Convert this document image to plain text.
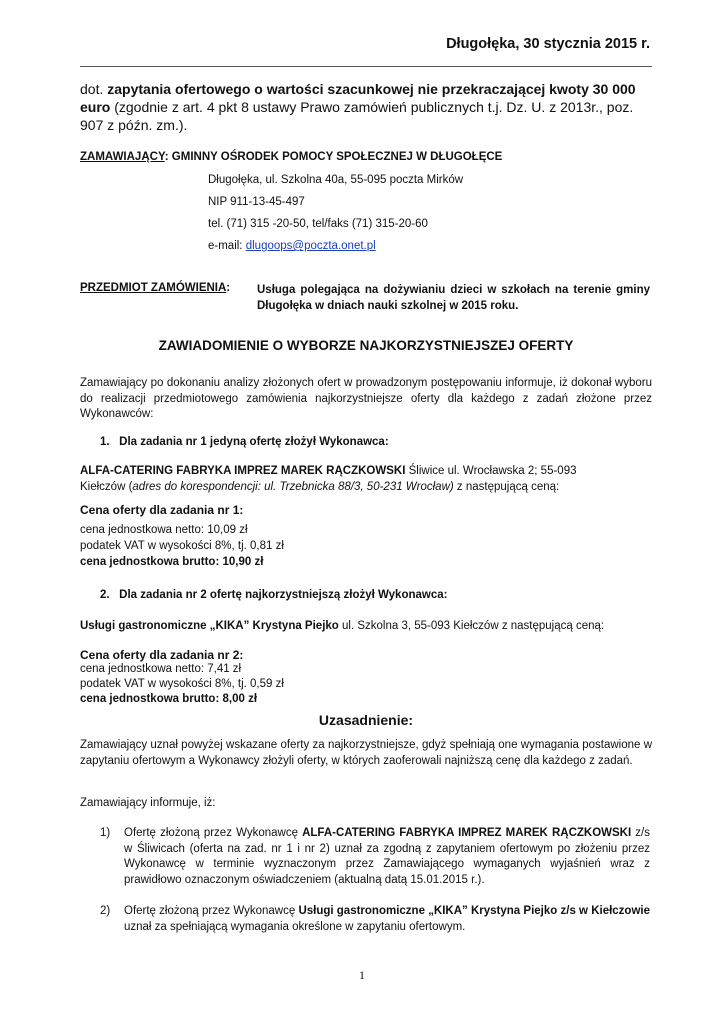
Długołęka, 30 stycznia 2015 r.
dot. zapytania ofertowego o wartości szacunkowej nie przekraczającej kwoty 30 000 euro (zgodnie z art. 4 pkt 8 ustawy Prawo zamówień publicznych t.j. Dz. U. z 2013r., poz. 907 z późn. zm.).
ZAMAWIAJĄCY: GMINNY OŚRODEK POMOCY SPOŁECZNEJ W DŁUGOŁĘCE
Długołęka, ul. Szkolna 40a, 55-095 poczta Mirków
NIP 911-13-45-497
tel. (71) 315 -20-50, tel/faks (71) 315-20-60
e-mail: dlugoops@poczta.onet.pl
PRZEDMIOT ZAMÓWIENIA: Usługa polegająca na dożywianiu dzieci w szkołach na terenie gminy Długołęka w dniach nauki szkolnej w 2015 roku.
ZAWIADOMIENIE O WYBORZE NAJKORZYSTNIEJSZEJ OFERTY
Zamawiający po dokonaniu analizy złożonych ofert w prowadzonym postępowaniu informuje, iż dokonał wyboru do realizacji przedmiotowego zamówienia najkorzystniejsze oferty dla każdego z zadań złożone przez Wykonawców:
1.   Dla zadania nr 1 jedyną ofertę złożył Wykonawca:
ALFA-CATERING FABRYKA IMPREZ MAREK RĄCZKOWSKI Śliwice ul. Wrocławska 2; 55-093
Kiełczów (adres do korespondencji: ul. Trzebnicka 88/3, 50-231 Wrocław) z następującą ceną:
Cena oferty dla zadania nr 1:
cena jednostkowa netto: 10,09 zł
podatek VAT w wysokości 8%, tj. 0,81 zł
cena jednostkowa brutto: 10,90 zł
2.   Dla zadania nr 2 ofertę najkorzystniejszą złożył Wykonawca:
Usługi gastronomiczne „KIKA” Krystyna Piejko ul. Szkolna 3, 55-093 Kiełczów z następującą ceną:
Cena oferty dla zadania nr 2:
cena jednostkowa netto: 7,41 zł
podatek VAT w wysokości 8%, tj. 0,59 zł
cena jednostkowa brutto: 8,00 zł
Uzasadnienie:
Zamawiający uznał powyżej wskazane oferty za najkorzystniejsze, gdyż spełniają one wymagania postawione w zapytaniu ofertowym a Wykonawcy złożyli oferty, w których zaoferowali najniższą cenę dla każdego z zadań.
Zamawiający informuje, iż:
1) Ofertę złożoną przez Wykonawcę ALFA-CATERING FABRYKA IMPREZ MAREK RĄCZKOWSKI z/s w Śliwicach (oferta na zad. nr 1 i nr 2) uznał za zgodną z zapytaniem ofertowym po złożeniu przez Wykonawcę w terminie wyznaczonym przez Zamawiającego wymaganych wyjaśnień wraz z prawidłowo oznaczonym oświadczeniem (aktualną datą 15.01.2015 r.).
2) Ofertę złożoną przez Wykonawcę Usługi gastronomiczne „KIKA” Krystyna Piejko z/s w Kiełczowie uznał za spełniającą wymagania określone w zapytaniu ofertowym.
1
